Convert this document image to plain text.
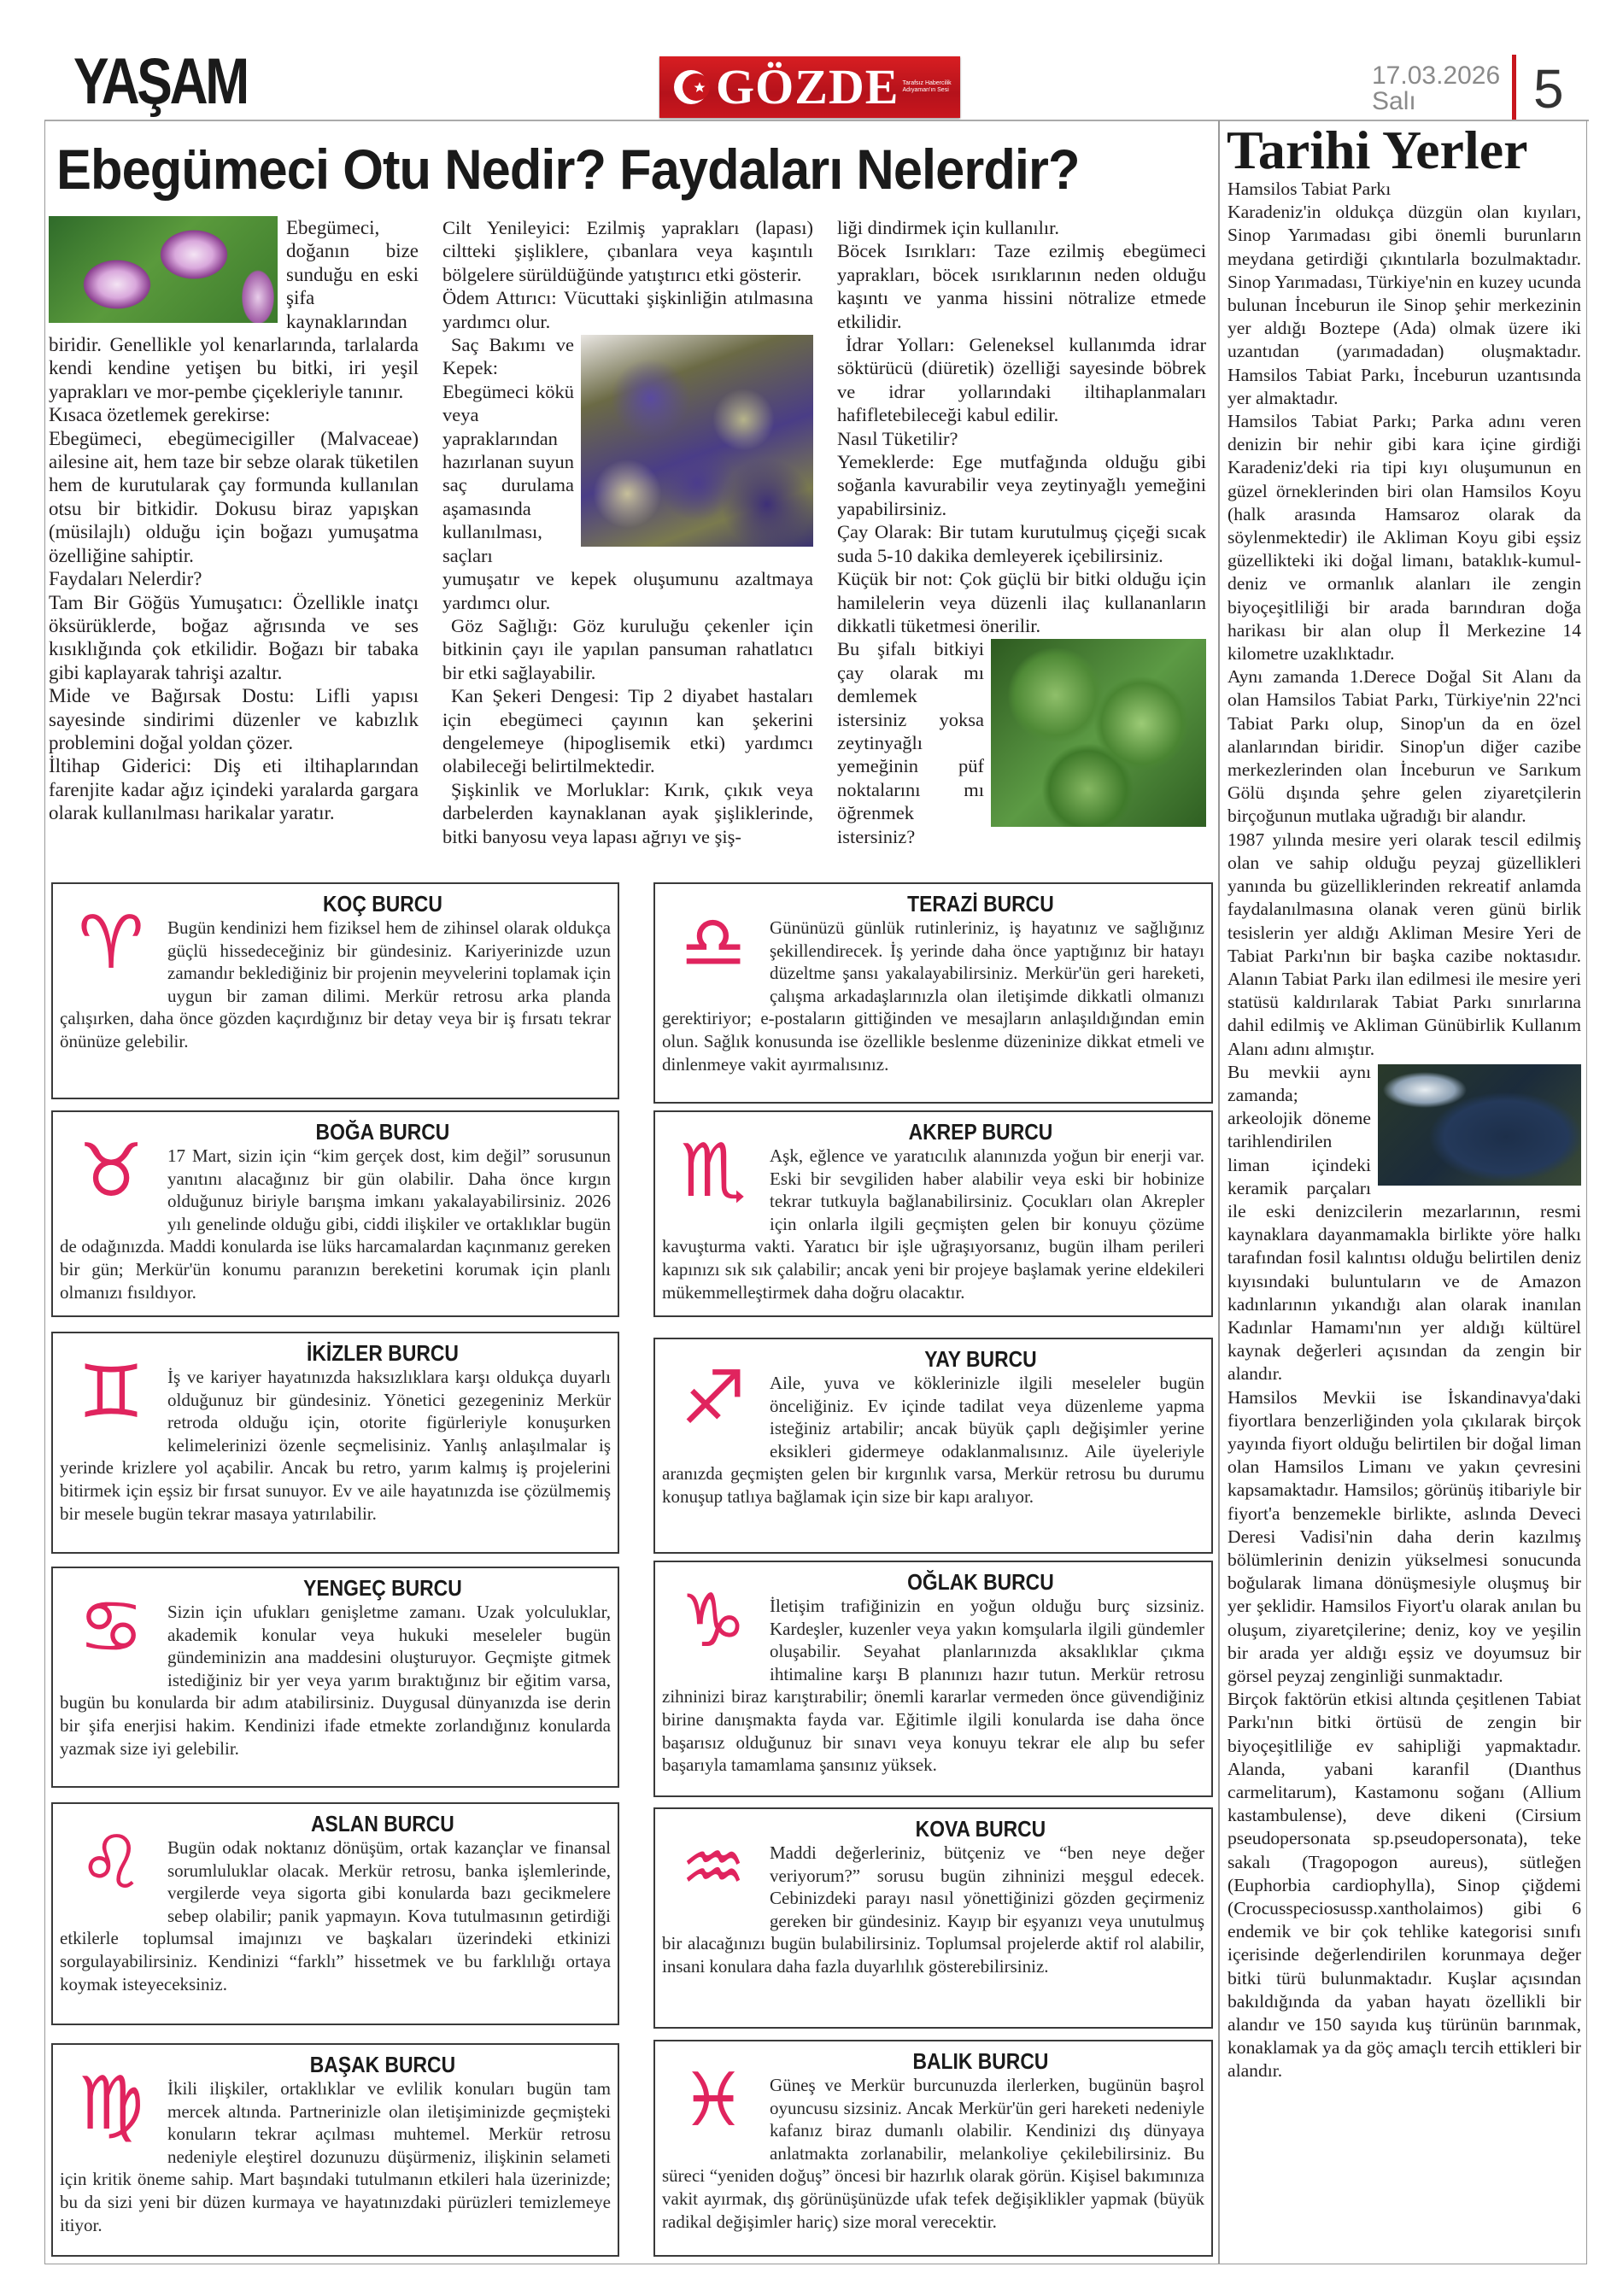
YAŞAM	GÖZDE Tarafsız Habercilik Adıyaman'ın Sesi
17.03.2026
Salı	5
Ebegümeci Otu Nedir? Faydaları Nelerdir?	Tarihi Yerler

Ebegümeci, doğanın bize sunduğu en eski şifa kaynaklarından biridir. Genellikle yol kenarlarında, tarlalarda kendi kendine yetişen bu bitki, iri yeşil yaprakları ve mor-pembe çiçekleriyle tanınır.

Kısaca özetlemek gerekirse:

Ebegümeci, ebegümecigiller (Malvaceae) ailesine ait, hem taze bir sebze olarak tüketilen hem de kurutularak çay formunda kullanılan otsu bir bitkidir. Dokusu biraz yapışkan (müsilajlı) olduğu için boğazı yumuşatma özelliğine sahiptir.

Faydaları Nelerdir?

Tam Bir Göğüs Yumuşatıcı: Özellikle inatçı öksürüklerde, boğaz ağrısında ve ses kısıklığında çok etkilidir. Boğazı bir tabaka gibi kaplayarak tahrişi azaltır.

Mide ve Bağırsak Dostu: Lifli yapısı sayesinde sindirimi düzenler ve kabızlık problemini doğal yoldan çözer.

İltihap Giderici: Diş eti iltihaplarından farenjite kadar ağız içindeki yaralarda gargara olarak kullanılması harikalar yaratır.

Cilt Yenileyici: Ezilmiş yaprakları (lapası) ciltteki şişliklere, çıbanlara veya kaşıntılı bölgelere sürüldüğünde yatıştırıcı etki gösterir.

Ödem Attırıcı: Vücuttaki şişkinliğin atılmasına yardımcı olur.

Saç Bakımı ve Kepek: Ebegümeci kökü veya yapraklarından hazırlanan suyun saç durulama aşamasında kullanılması, saçları yumuşatır ve kepek oluşumunu azaltmaya yardımcı olur.

Göz Sağlığı: Göz kuruluğu çekenler için bitkinin çayı ile yapılan pansuman rahatlatıcı bir etki sağlayabilir.

Kan Şekeri Dengesi: Tip 2 diyabet hastaları için ebegümeci çayının kan şekerini dengelemeye (hipoglisemik etki) yardımcı olabileceği belirtilmektedir.

Şişkinlik ve Morluklar: Kırık, çıkık veya darbelerden kaynaklanan ayak şişliklerinde, bitki banyosu veya lapası ağrıyı ve şiş-

liği dindirmek için kullanılır.

Böcek Isırıkları: Taze ezilmiş ebegümeci yaprakları, böcek ısırıklarının neden olduğu kaşıntı ve yanma hissini nötralize etmede etkilidir.

İdrar Yolları: Geleneksel kullanımda idrar söktürücü (diüretik) özelliği sayesinde böbrek ve idrar yollarındaki iltihaplanmaları hafifletebileceği kabul edilir.

Nasıl Tüketilir?

Yemeklerde: Ege mutfağında olduğu gibi soğanla kavurabilir veya zeytinyağlı yemeğini yapabilirsiniz.

Çay Olarak: Bir tutam kurutulmuş çiçeği sıcak suda 5-10 dakika demleyerek içebilirsiniz.

Küçük bir not: Çok güçlü bir bitki olduğu için hamilelerin veya düzenli ilaç kullananların dikkatli tüketmesi önerilir.

Bu şifalı bitkiyi çay olarak mı demlemek istersiniz yoksa zeytinyağlı yemeğinin püf noktalarını mı öğrenmek istersiniz?

Hamsilos Tabiat Parkı

Karadeniz'in oldukça düzgün olan kıyıları, Sinop Yarımadası gibi önemli burunların meydana getirdiği çıkıntılarla bozulmaktadır. Sinop Yarımadası, Türkiye'nin en kuzey ucunda bulunan İnceburun ile Sinop şehir merkezinin yer aldığı Boztepe (Ada) olmak üzere iki uzantıdan (yarımadadan) oluşmaktadır. Hamsilos Tabiat Parkı, İnceburun uzantısında yer almaktadır.

Hamsilos Tabiat Parkı; Parka adını veren denizin bir nehir gibi kara içine girdiği Karadeniz'deki ria tipi kıyı oluşumunun en güzel örneklerinden biri olan Hamsilos Koyu (halk arasında Hamsaroz olarak da söylenmektedir) ile Akliman Koyu gibi eşsiz güzellikteki iki doğal limanı, bataklık-kumul-deniz ve ormanlık alanları ile zengin biyoçeşitliliği bir arada barındıran doğa harikası bir alan olup İl Merkezine 14 kilometre uzaklıktadır.

Aynı zamanda 1.Derece Doğal Sit Alanı da olan Hamsilos Tabiat Parkı, Türkiye'nin 22'nci Tabiat Parkı olup, Sinop'un da en özel alanlarından biridir. Sinop'un diğer cazibe merkezlerinden olan İnceburun ve Sarıkum Gölü dışında şehre gelen ziyaretçilerin birçoğunun mutlaka uğradığı bir alandır.

1987 yılında mesire yeri olarak tescil edilmiş olan ve sahip olduğu peyzaj güzellikleri yanında bu güzelliklerinden rekreatif anlamda faydalanılmasına olanak veren günü birlik tesislerin yer aldığı Akliman Mesire Yeri de Tabiat Parkı'nın bir başka cazibe noktasıdır. Alanın Tabiat Parkı ilan edilmesi ile mesire yeri statüsü kaldırılarak Tabiat Parkı sınırlarına dahil edilmiş ve Akliman Günübirlik Kullanım Alanı adını almıştır.

Bu mevkii aynı zamanda; arkeolojik döneme tarihlendirilen liman içindeki keramik parçaları ile eski denizcilerin mezarlarının, resmi kaynaklara dayanmamakla birlikte yöre halkı tarafından fosil kalıntısı olduğu belirtilen deniz kıyısındaki buluntuların ve de Amazon kadınlarının yıkandığı alan olarak inanılan Kadınlar Hamamı'nın yer aldığı kültürel kaynak değerleri açısından da zengin bir alandır.

Hamsilos Mevkii ise İskandinavya'daki fiyortlara benzerliğinden yola çıkılarak birçok yayında fiyort olduğu belirtilen bir doğal liman olan Hamsilos Limanı ve yakın çevresini kapsamaktadır. Hamsilos; görünüş itibariyle bir fiyort'a benzemekle birlikte, aslında Deveci Deresi Vadisi'nin daha derin kazılmış bölümlerinin denizin yükselmesi sonucunda boğularak limana dönüşmesiyle oluşmuş bir yer şeklidir. Hamsilos Fiyort'u olarak anılan bu oluşum, ziyaretçilerine; deniz, koy ve yeşilin bir arada yer aldığı eşsiz ve doyumsuz bir görsel peyzaj zenginliği sunmaktadır.

Birçok faktörün etkisi altında çeşitlenen Tabiat Parkı'nın bitki örtüsü de zengin bir biyoçeşitliliğe ev sahipliği yapmaktadır. Alanda, yabani karanfil (Dıanthus carmelitarum), Kastamonu soğanı (Allium kastambulense), deve dikeni (Cirsium pseudopersonata sp.pseudopersonata), teke sakalı (Tragopogon aureus), sütleğen (Euphorbia cardiophylla), Sinop çiğdemi (Crocusspeciosussp.xantholaimos) gibi 6 endemik ve bir çok tehlike kategorisi sınıfı içerisinde değerlendirilen korunmaya değer bitki türü bulunmaktadır. Kuşlar açısından bakıldığında da yaban hayatı özellikli bir alandır ve 150 sayıda kuş türünün barınmak, konaklamak ya da göç amaçlı tercih ettikleri bir alandır.

♈	KOÇ BURCU
Bugün kendinizi hem fiziksel hem de zihinsel olarak oldukça güçlü hissedeceğiniz bir gündesiniz. Kariyerinizde uzun zamandır beklediğiniz bir projenin meyvelerini toplamak için uygun bir zaman dilimi. Merkür retrosu arka planda çalışırken, daha önce gözden kaçırdığınız bir detay veya bir iş fırsatı tekrar önünüze gelebilir.
♉	BOĞA BURCU
17 Mart, sizin için “kim gerçek dost, kim değil” sorusunun yanıtını alacağınız bir gün olabilir. Daha önce kırgın olduğunuz biriyle barışma imkanı yakalayabilirsiniz. 2026 yılı genelinde olduğu gibi, ciddi ilişkiler ve ortaklıklar bugün de odağınızda. Maddi konularda ise lüks harcamalardan kaçınmanız gereken bir gün; Merkür'ün konumu paranızın bereketini korumak için planlı olmanızı fısıldıyor.
♊	İKİZLER BURCU
İş ve kariyer hayatınızda haksızlıklara karşı oldukça duyarlı olduğunuz bir gündesiniz. Yönetici gezegeniniz Merkür retroda olduğu için, otorite figürleriyle konuşurken kelimelerinizi özenle seçmelisiniz. Yanlış anlaşılmalar iş yerinde krizlere yol açabilir. Ancak bu retro, yarım kalmış iş projelerini bitirmek için eşsiz bir fırsat sunuyor. Ev ve aile hayatınızda ise çözülmemiş bir mesele bugün tekrar masaya yatırılabilir.
♋	YENGEÇ BURCU
Sizin için ufukları genişletme zamanı. Uzak yolculuklar, akademik konular veya hukuki meseleler bugün gündeminizin ana maddesini oluşturuyor. Geçmişte gitmek istediğiniz bir yer veya yarım bıraktığınız bir eğitim varsa, bugün bu konularda bir adım atabilirsiniz. Duygusal dünyanızda ise derin bir şifa enerjisi hakim. Kendinizi ifade etmekte zorlandığınız konularda yazmak size iyi gelebilir.
♌	ASLAN BURCU
Bugün odak noktanız dönüşüm, ortak kazançlar ve finansal sorumluluklar olacak. Merkür retrosu, banka işlemlerinde, vergilerde veya sigorta gibi konularda bazı gecikmelere sebep olabilir; panik yapmayın. Kova tutulmasının getirdiği etkilerle toplumsal imajınızı ve başkaları üzerindeki etkinizi sorgulayabilirsiniz. Kendinizi “farklı” hissetmek ve bu farklılığı ortaya koymak isteyeceksiniz.
♍	BAŞAK BURCU
İkili ilişkiler, ortaklıklar ve evlilik konuları bugün tam mercek altında. Partnerinizle olan iletişiminizde geçmişteki konuların tekrar açılması muhtemel. Merkür retrosu nedeniyle eleştirel dozunuzu düşürmeniz, ilişkinin selameti için kritik öneme sahip. Mart başındaki tutulmanın etkileri hala üzerinizde; bu da sizi yeni bir düzen kurmaya ve hayatınızdaki pürüzleri temizlemeye itiyor.
♎	TERAZİ BURCU
Gününüzü günlük rutinleriniz, iş hayatınız ve sağlığınız şekillendirecek. İş yerinde daha önce yaptığınız bir hatayı düzeltme şansı yakalayabilirsiniz. Merkür'ün geri hareketi, çalışma arkadaşlarınızla olan iletişimde dikkatli olmanızı gerektiriyor; e-postaların gittiğinden ve mesajların anlaşıldığından emin olun. Sağlık konusunda ise özellikle beslenme düzeninize dikkat etmeli ve dinlenmeye vakit ayırmalısınız.
♏	AKREP BURCU
Aşk, eğlence ve yaratıcılık alanınızda yoğun bir enerji var. Eski bir sevgiliden haber alabilir veya eski bir hobinize tekrar tutkuyla bağlanabilirsiniz. Çocukları olan Akrepler için onlarla ilgili geçmişten gelen bir konuyu çözüme kavuşturma vakti. Yaratıcı bir işle uğraşıyorsanız, bugün ilham perileri kapınızı sık sık çalabilir; ancak yeni bir projeye başlamak yerine eldekileri mükemmelleştirmek daha doğru olacaktır.
♐	YAY BURCU
Aile, yuva ve köklerinizle ilgili meseleler bugün önceliğiniz. Ev içinde tadilat veya düzenleme yapma isteğiniz artabilir; ancak büyük çaplı değişimler yerine eksikleri gidermeye odaklanmalısınız. Aile üyeleriyle aranızda geçmişten gelen bir kırgınlık varsa, Merkür retrosu bu durumu konuşup tatlıya bağlamak için size bir kapı aralıyor.
♑	OĞLAK BURCU
İletişim trafiğinizin en yoğun olduğu burç sizsiniz. Kardeşler, kuzenler veya yakın komşularla ilgili gündemler oluşabilir. Seyahat planlarınızda aksaklıklar çıkma ihtimaline karşı B planınızı hazır tutun. Merkür retrosu zihninizi biraz karıştırabilir; önemli kararlar vermeden önce güvendiğiniz birine danışmakta fayda var. Eğitimle ilgili konularda ise daha önce başarısız olduğunuz bir sınavı veya konuyu tekrar ele alıp bu sefer başarıyla tamamlama şansınız yüksek.
♒	KOVA BURCU
Maddi değerleriniz, bütçeniz ve “ben neye değer veriyorum?” sorusu bugün zihninizi meşgul edecek. Cebinizdeki parayı nasıl yönettiğinizi gözden geçirmeniz gereken bir gündesiniz. Kayıp bir eşyanızı veya unutulmuş bir alacağınızı bugün bulabilirsiniz. Toplumsal projelerde aktif rol alabilir, insani konulara daha fazla duyarlılık gösterebilirsiniz.
♓	BALIK BURCU
Güneş ve Merkür burcunuzda ilerlerken, bugünün başrol oyuncusu sizsiniz. Ancak Merkür'ün geri hareketi nedeniyle kafanız biraz dumanlı olabilir. Kendinizi dış dünyaya anlatmakta zorlanabilir, melankoliye çekilebilirsiniz. Bu süreci “yeniden doğuş” öncesi bir hazırlık olarak görün. Kişisel bakımınıza vakit ayırmak, dış görünüşünüzde ufak tefek değişiklikler yapmak (büyük radikal değişimler hariç) size moral verecektir.
